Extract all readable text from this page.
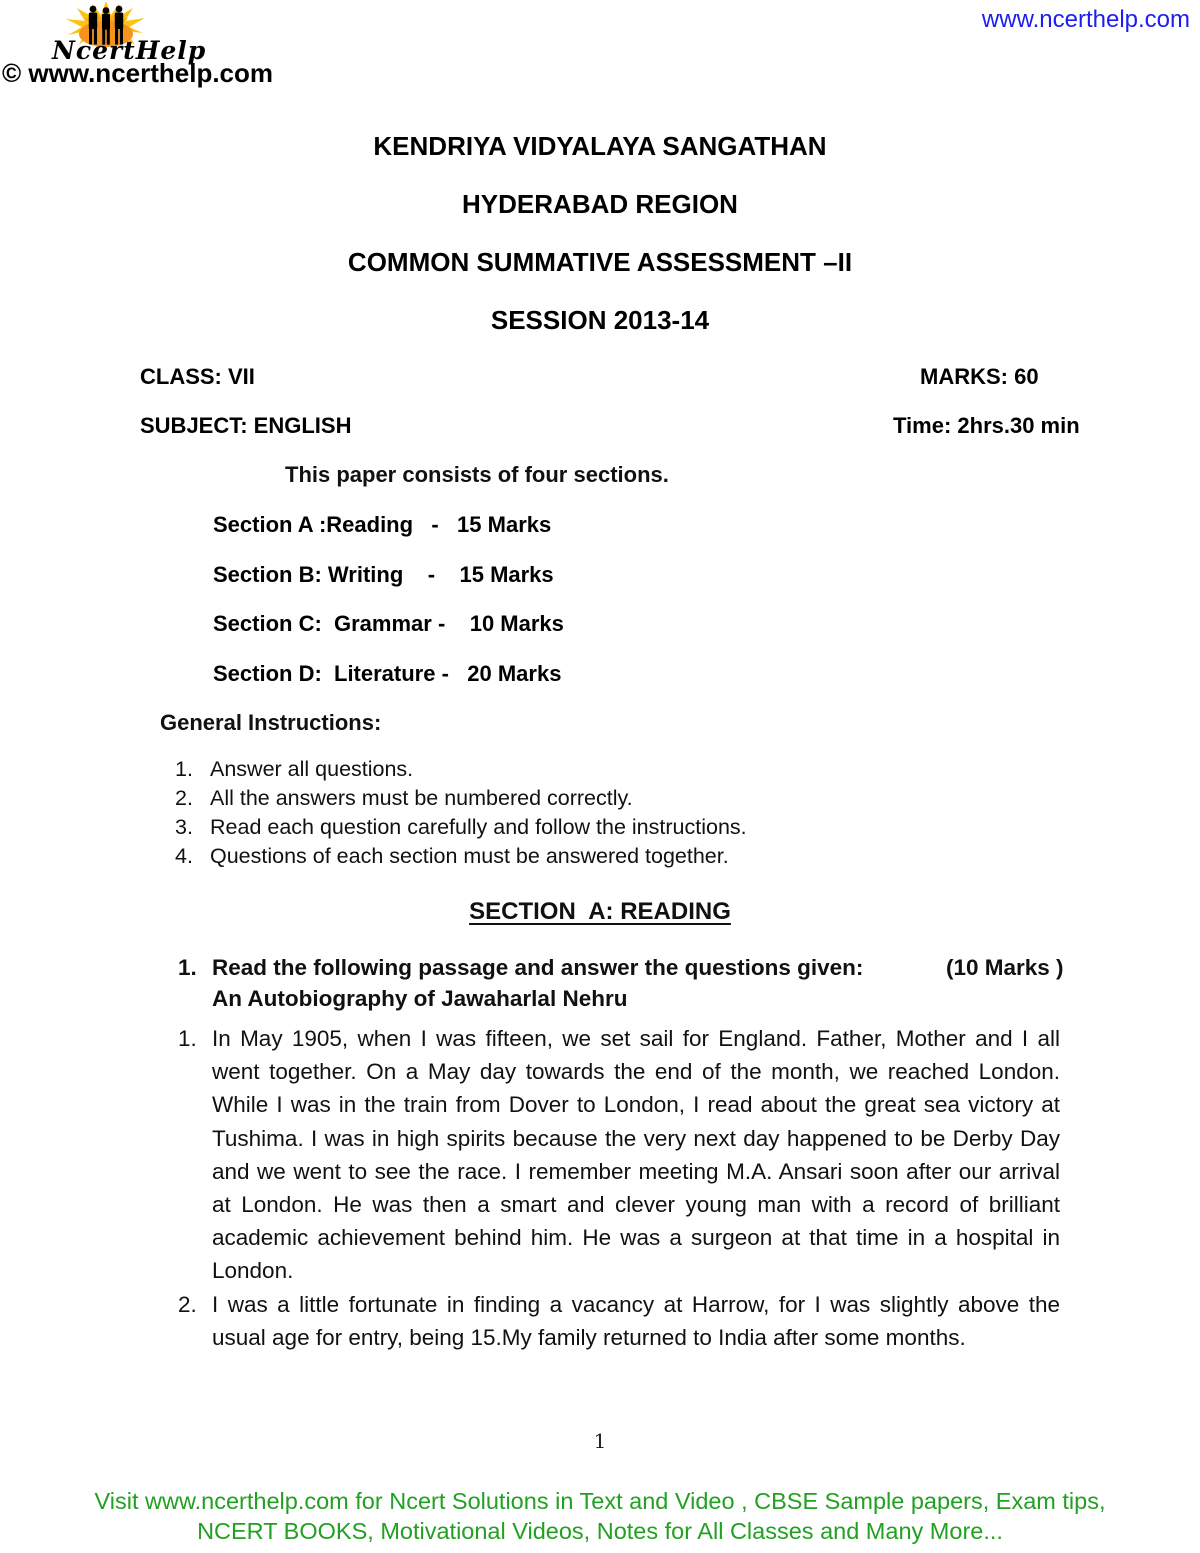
NcertHelp
© www.ncerthelp.com
www.ncerthelp.com
KENDRIYA VIDYALAYA SANGATHAN
HYDERABAD REGION
COMMON SUMMATIVE ASSESSMENT –II
SESSION 2013-14
CLASS: VII	MARKS: 60
SUBJECT: ENGLISH	Time: 2hrs.30 min
This paper consists of four sections.
Section A :Reading   -   15 Marks
Section B: Writing    -    15 Marks
Section C:  Grammar -    10 Marks
Section D:  Literature -   20 Marks
General Instructions:
1. Answer all questions.
2. All the answers must be numbered correctly.
3. Read each question carefully and follow the instructions.
4. Questions of each section must be answered together.
SECTION  A: READING
1. Read the following passage and answer the questions given:	(10 Marks )
An Autobiography of Jawaharlal Nehru
1. In May 1905, when I was fifteen, we set sail for England. Father, Mother and I all went together. On a May day towards the end of the month, we reached London. While I was in the train from Dover to London, I read about the great sea victory at Tushima. I was in high spirits because the very next day happened to be Derby Day and we went to see the race. I remember meeting M.A. Ansari soon after our arrival at London. He was then a smart and clever young man with a record of brilliant academic achievement behind him. He was a surgeon at that time in a hospital in London.
2. I was a little fortunate in finding a vacancy at Harrow, for I was slightly above the usual age for entry, being 15.My family returned to India after some months.
1
Visit www.ncerthelp.com for Ncert Solutions in Text and Video , CBSE Sample papers, Exam tips,
NCERT BOOKS, Motivational Videos, Notes for All Classes and Many More...
